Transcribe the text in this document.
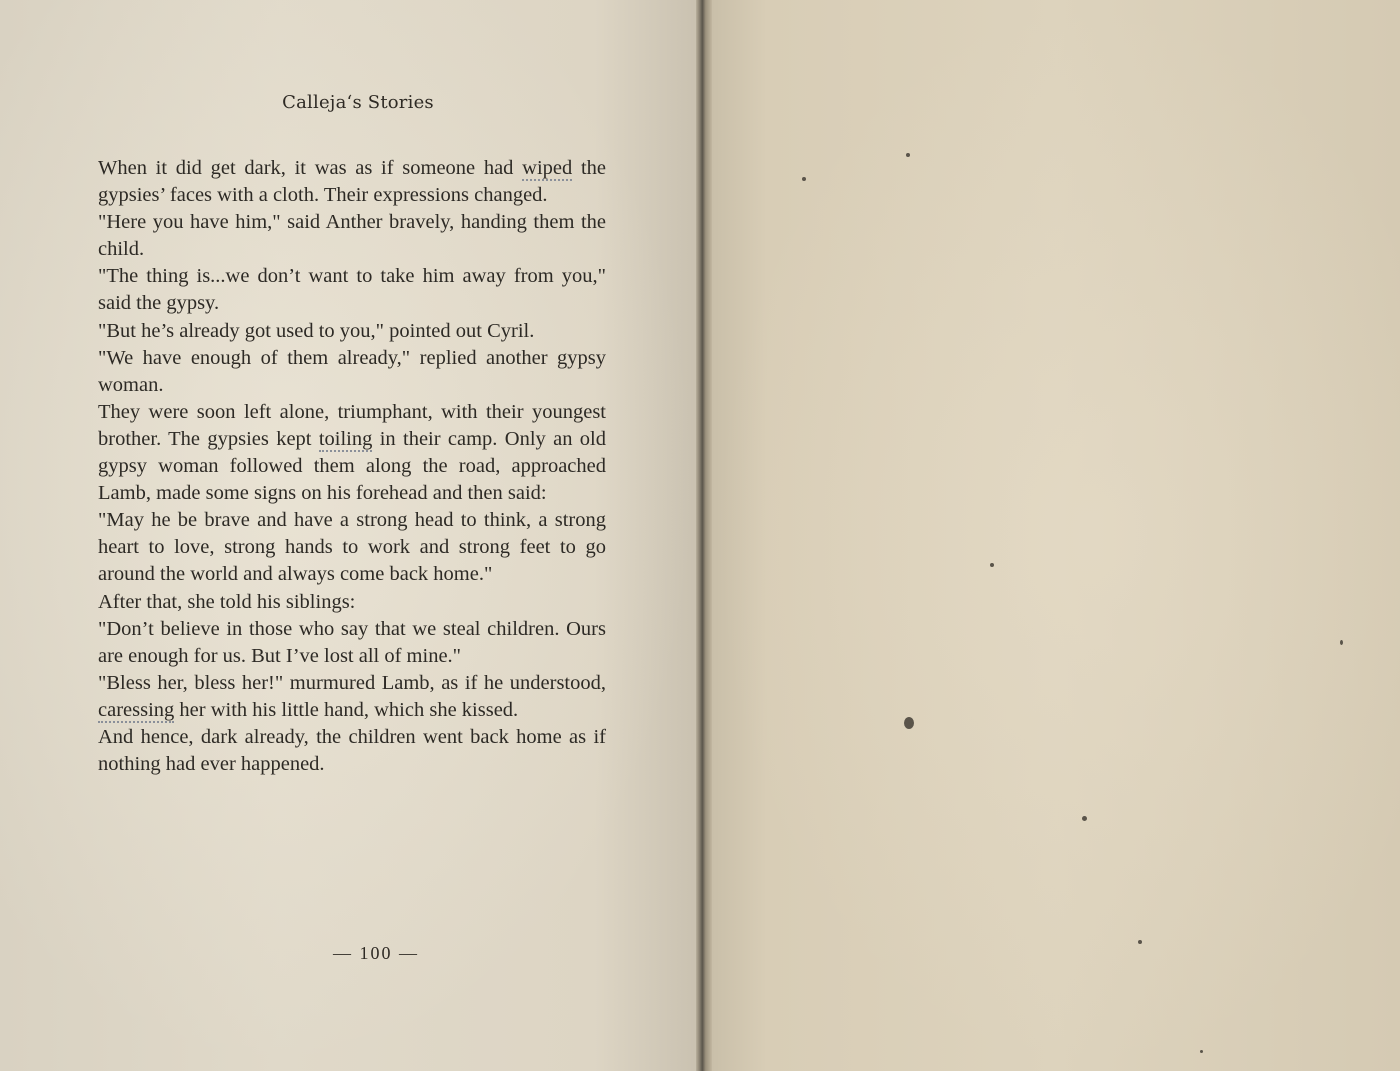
Calleja‘s Stories

When it did get dark, it was as if someone had wiped the gypsies’ faces with a cloth. Their expressions changed.

"Here you have him," said Anther bravely, handing them the child.

"The thing is...we don’t want to take him away from you," said the gypsy.

"But he’s already got used to you," pointed out Cyril.

"We have enough of them already," replied another gypsy woman.

They were soon left alone, triumphant, with their youngest brother. The gypsies kept toiling in their camp. Only an old gypsy woman followed them along the road, approached Lamb, made some signs on his forehead and then said:

"May he be brave and have a strong head to think, a strong heart to love, strong hands to work and strong feet to go around the world and always come back home."

After that, she told his siblings:

"Don’t believe in those who say that we steal children. Ours are enough for us. But I’ve lost all of mine."

"Bless her, bless her!" murmured Lamb, as if he understood, caressing her with his little hand, which she kissed.

And hence, dark already, the children went back home as if nothing had ever happened.

— 100 —
